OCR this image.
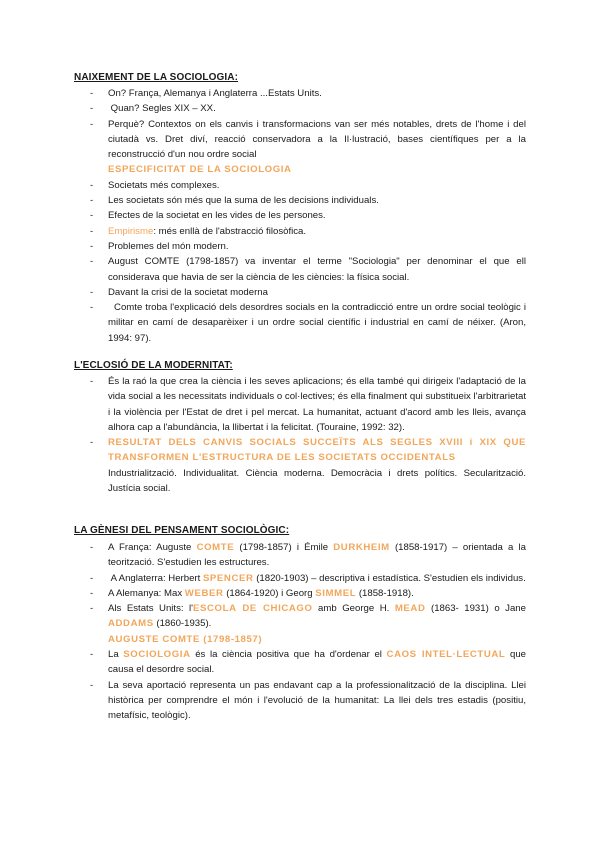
NAIXEMENT DE LA SOCIOLOGIA:
- On? França, Alemanya i Anglaterra ...Estats Units.
- Quan? Segles XIX – XX.
- Perquè? Contextos on els canvis i transformacions van ser més notables, drets de l'home i del ciutadà vs. Dret diví, reacció conservadora a la Il·lustració, bases científiques per a la reconstrucció d'un nou ordre social
ESPECIFICITAT DE LA SOCIOLOGIA
- Societats més complexes.
- Les societats són més que la suma de les decisions individuals.
- Efectes de la societat en les vides de les persones.
- Empirisme: més enllà de l'abstracció filosòfica.
- Problemes del món modern.
- August COMTE (1798-1857) va inventar el terme "Sociologia" per denominar el que ell considerava que havia de ser la ciència de les ciències: la física social.
- Davant la crisi de la societat moderna
- Comte troba l'explicació dels desordres socials en la contradicció entre un ordre social teològic i militar en camí de desaparèixer i un ordre social científic i industrial en camí de néixer. (Aron, 1994: 97).
L'ECLOSIÓ DE LA MODERNITAT:
- És la raó la que crea la ciència i les seves aplicacions; és ella també qui dirigeix l'adaptació de la vida social a les necessitats individuals o col·lectives; és ella finalment qui substitueix l'arbitrarietat i la violència per l'Estat de dret i pel mercat. La humanitat, actuant d'acord amb les lleis, avança alhora cap a l'abundància, la llibertat i la felicitat. (Touraine, 1992: 32).
- RESULTAT DELS CANVIS SOCIALS SUCCEÏTS ALS SEGLES XVIII i XIX QUE TRANSFORMEN L'ESTRUCTURA DE LES SOCIETATS OCCIDENTALS
Industrialització. Individualitat. Ciència moderna. Democràcia i drets polítics. Secularització. Justícia social.
LA GÈNESI DEL PENSAMENT SOCIOLÒGIC:
- A França: Auguste COMTE (1798-1857) i Émile DURKHEIM (1858-1917) – orientada a la teorització. S'estudien les estructures.
- A Anglaterra: Herbert SPENCER (1820-1903) – descriptiva i estadística. S'estudien els individus.
- A Alemanya: Max WEBER (1864-1920) i Georg SIMMEL (1858-1918).
- Als Estats Units: l'ESCOLA DE CHICAGO amb George H. MEAD (1863- 1931) o Jane ADDAMS (1860-1935).
AUGUSTE COMTE (1798-1857)
- La SOCIOLOGIA és la ciència positiva que ha d'ordenar el CAOS INTEL·LECTUAL que causa el desordre social.
- La seva aportació representa un pas endavant cap a la professionalització de la disciplina. Llei històrica per comprendre el món i l'evolució de la humanitat: La llei dels tres estadis (positiu, metafísic, teològic).
